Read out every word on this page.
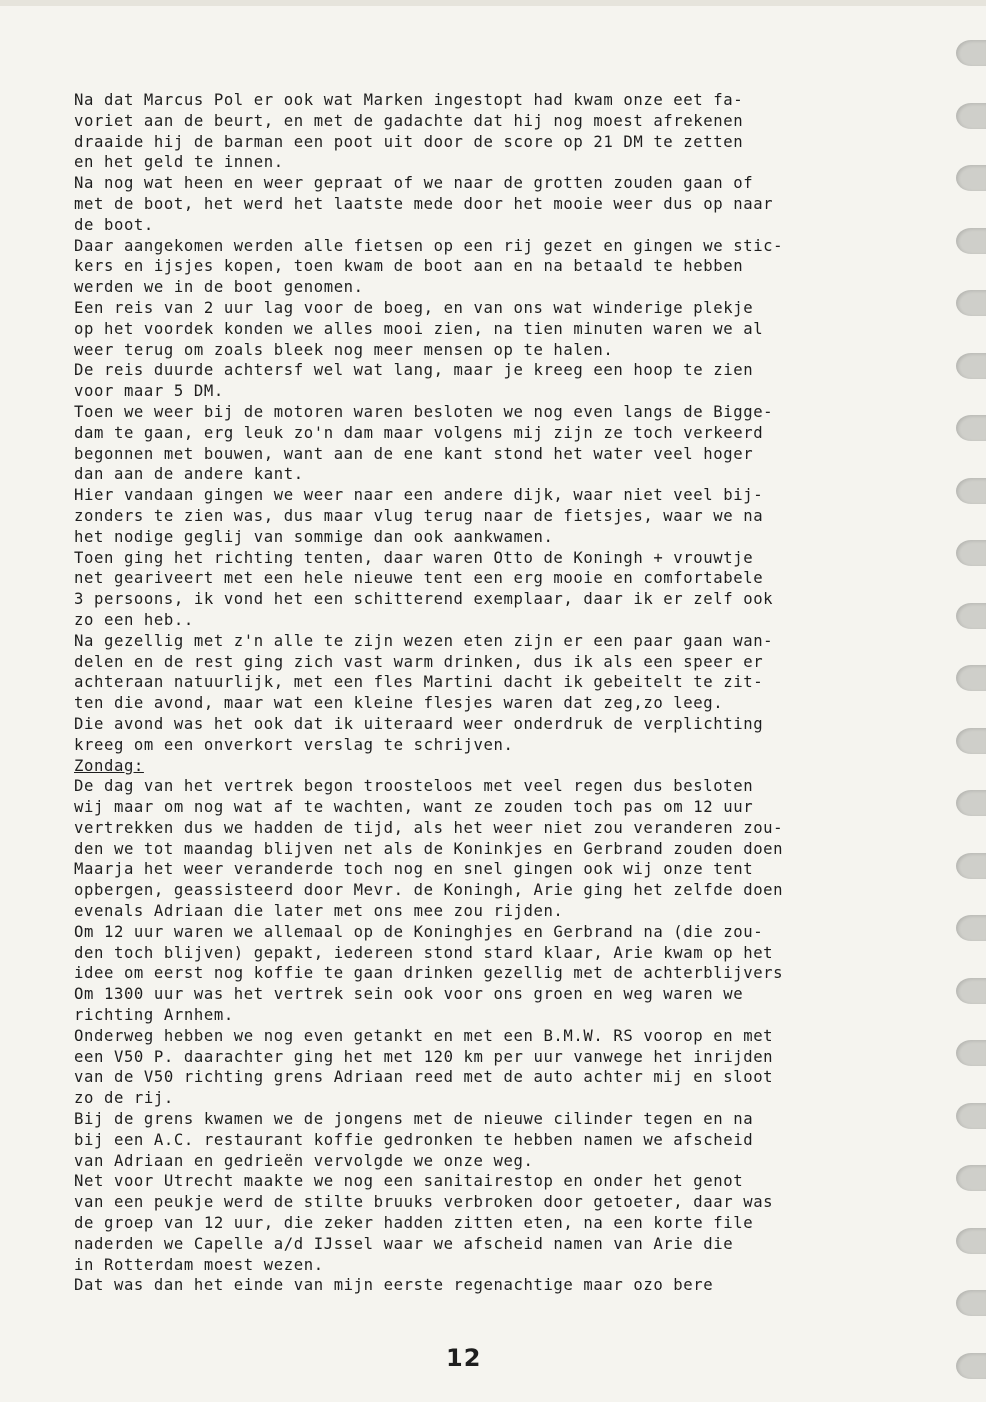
Na dat Marcus Pol er ook wat Marken ingestopt had kwam onze eet fa-
voriet aan de beurt, en met de gadachte dat hij nog moest afrekenen
draaide hij de barman een poot uit door de score op 21 DM te zetten
en het geld te innen.
Na nog wat heen en weer gepraat of we naar de grotten zouden gaan of
met de boot, het werd het laatste mede door het mooie weer dus op naar
de boot.
Daar aangekomen werden alle fietsen op een rij gezet en gingen we stic-
kers en ijsjes kopen, toen kwam de boot aan en na betaald te hebben
werden we in de boot genomen.
Een reis van 2 uur lag voor de boeg, en van ons wat winderige plekje
op het voordek konden we alles mooi zien, na tien minuten waren we al
weer terug om zoals bleek nog meer mensen op te halen.
De reis duurde achtersf wel wat lang, maar je kreeg een hoop te zien
voor maar 5 DM.
Toen we weer bij de motoren waren besloten we nog even langs de Bigge-
dam te gaan, erg leuk zo'n dam maar volgens mij zijn ze toch verkeerd
begonnen met bouwen, want aan de ene kant stond het water veel hoger
dan aan de andere kant.
Hier vandaan gingen we weer naar een andere dijk, waar niet veel bij-
zonders te zien was, dus maar vlug terug naar de fietsjes, waar we na
het nodige geglij van sommige dan ook aankwamen.
Toen ging het richting tenten, daar waren Otto de Koningh + vrouwtje
net geariveert met een hele nieuwe tent een erg mooie en comfortabele
3 persoons, ik vond het een schitterend exemplaar, daar ik er zelf ook
zo een heb..
Na gezellig met z'n alle te zijn wezen eten zijn er een paar gaan wan-
delen en de rest ging zich vast warm drinken, dus ik als een speer er
achteraan natuurlijk, met een fles Martini dacht ik gebeitelt te zit-
ten die avond, maar wat een kleine flesjes waren dat zeg,zo leeg.
Die avond was het ook dat ik uiteraard weer onderdruk de verplichting
kreeg om een onverkort verslag te schrijven.
Zondag:
De dag van het vertrek begon troosteloos met veel regen dus besloten
wij maar om nog wat af te wachten, want ze zouden toch pas om 12 uur
vertrekken dus we hadden de tijd, als het weer niet zou veranderen zou-
den we tot maandag blijven net als de Koninkjes en Gerbrand zouden doen
Maarja het weer veranderde toch nog en snel gingen ook wij onze tent
opbergen, geassisteerd door Mevr. de Koningh, Arie ging het zelfde doen
evenals Adriaan die later met ons mee zou rijden.
Om 12 uur waren we allemaal op de Koninghjes en Gerbrand na (die zou-
den toch blijven) gepakt, iedereen stond stard klaar, Arie kwam op het
idee om eerst nog koffie te gaan drinken gezellig met de achterblijvers
Om 1300 uur was het vertrek sein ook voor ons groen en weg waren we
richting Arnhem.
Onderweg hebben we nog even getankt en met een B.M.W. RS voorop en met
een V50 P. daarachter ging het met 120 km per uur vanwege het inrijden
van de V50 richting grens Adriaan reed met de auto achter mij en sloot
zo de rij.
Bij de grens kwamen we de jongens met de nieuwe cilinder tegen en na
bij een A.C. restaurant koffie gedronken te hebben namen we afscheid
van Adriaan en gedrieën vervolgde we onze weg.
Net voor Utrecht maakte we nog een sanitairestop en onder het genot
van een peukje werd de stilte bruuks verbroken door getoeter, daar was
de groep van 12 uur, die zeker hadden zitten eten, na een korte file
naderden we Capelle a/d IJssel waar we afscheid namen van Arie die
in Rotterdam moest wezen.
Dat was dan het einde van mijn eerste regenachtige maar ozo bere
12
